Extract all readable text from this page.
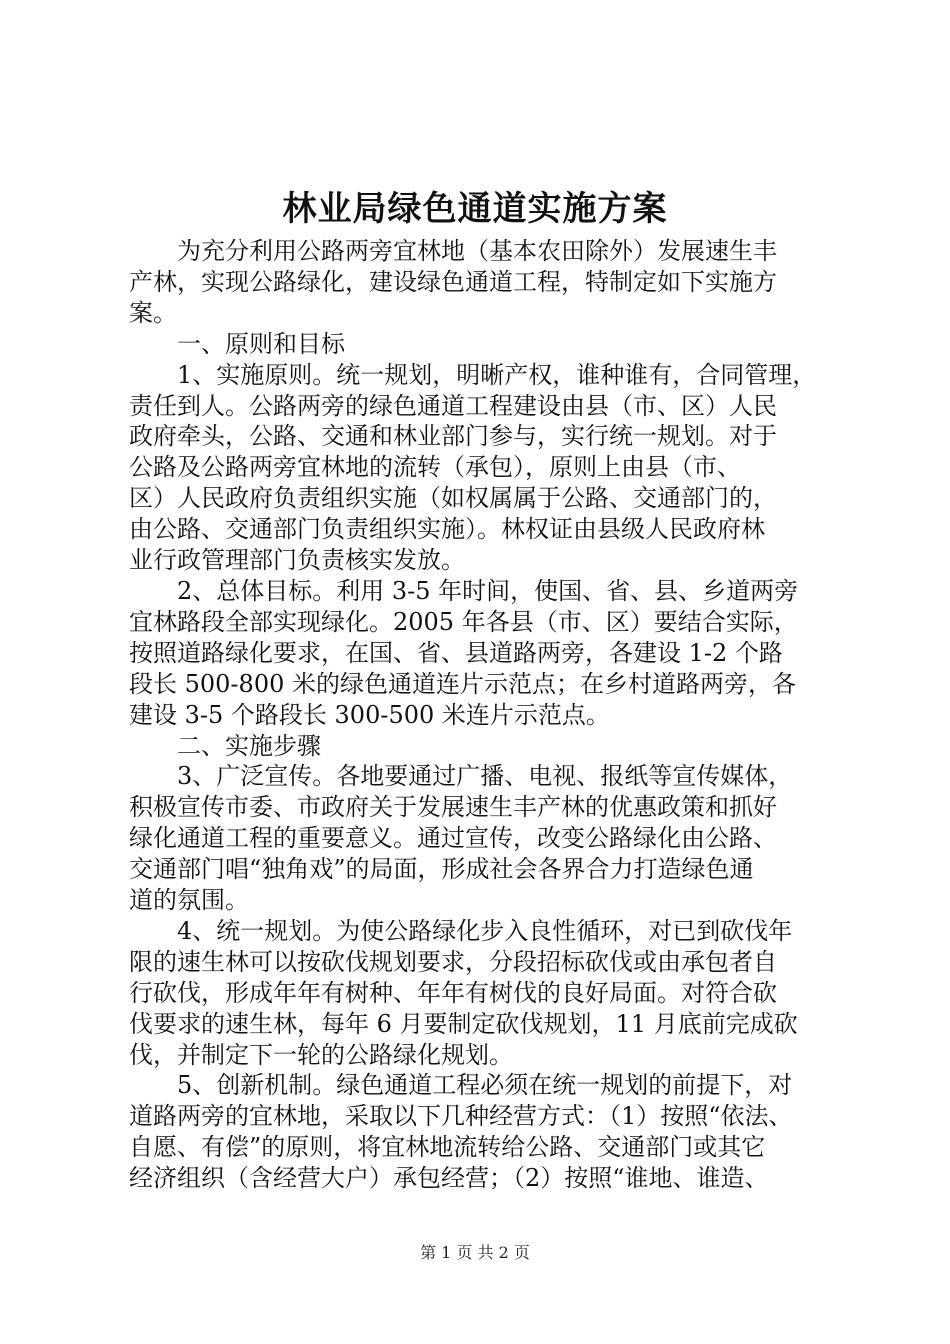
林业局绿色通道实施方案

为充分利用公路两旁宜林地（基本农田除外）发展速生丰
产林，实现公路绿化，建设绿色通道工程，特制定如下实施方
案。

一、原则和目标

1、实施原则。统一规划，明晰产权，谁种谁有，合同管理，
责任到人。公路两旁的绿色通道工程建设由县（市、区）人民
政府牵头，公路、交通和林业部门参与，实行统一规划。对于
公路及公路两旁宜林地的流转（承包），原则上由县（市、
区）人民政府负责组织实施（如权属属于公路、交通部门的，
由公路、交通部门负责组织实施）。林权证由县级人民政府林
业行政管理部门负责核实发放。

2、总体目标。利用 3-5 年时间，使国、省、县、乡道两旁
宜林路段全部实现绿化。2005 年各县（市、区）要结合实际，
按照道路绿化要求，在国、省、县道路两旁，各建设 1-2 个路
段长 500-800 米的绿色通道连片示范点；在乡村道路两旁，各
建设 3-5 个路段长 300-500 米连片示范点。

二、实施步骤

3、广泛宣传。各地要通过广播、电视、报纸等宣传媒体，
积极宣传市委、市政府关于发展速生丰产林的优惠政策和抓好
绿化通道工程的重要意义。通过宣传，改变公路绿化由公路、
交通部门唱“独角戏”的局面，形成社会各界合力打造绿色通
道的氛围。

4、统一规划。为使公路绿化步入良性循环，对已到砍伐年
限的速生林可以按砍伐规划要求，分段招标砍伐或由承包者自
行砍伐，形成年年有树种、年年有树伐的良好局面。对符合砍
伐要求的速生林，每年 6 月要制定砍伐规划，11 月底前完成砍
伐，并制定下一轮的公路绿化规划。

5、创新机制。绿色通道工程必须在统一规划的前提下，对
道路两旁的宜林地，采取以下几种经营方式：（1）按照“依法、
自愿、有偿”的原则，将宜林地流转给公路、交通部门或其它
经济组织（含经营大户）承包经营；（2）按照“谁地、谁造、

第 1 页 共 2 页
